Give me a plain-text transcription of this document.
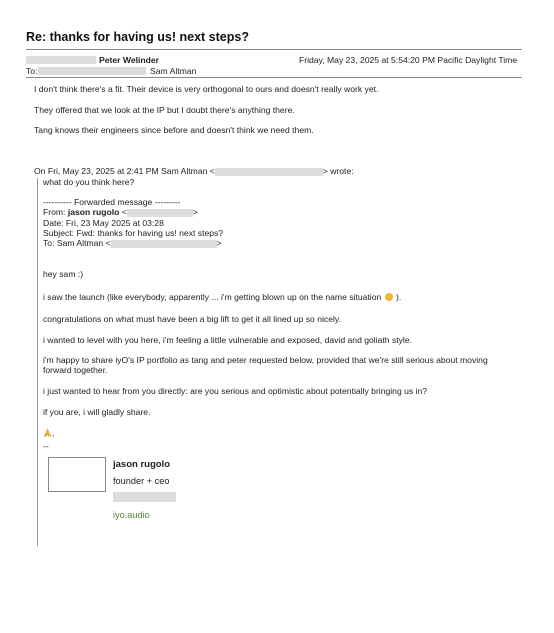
Re: thanks for having us! next steps?
Peter Welinder	Friday, May 23, 2025 at 5:54:20 PM Pacific Daylight Time
To:	Sam Altman
I don't think there's a fit. Their device is very orthogonal to ours and doesn't really work yet.
They offered that we look at the IP but I doubt there's anything there.
Tang knows their engineers since before and doesn't think we need them.
On Fri, May 23, 2025 at 2:41 PM Sam Altman <	> wrote:
what do you think here?
---------- Forwarded message ---------
From: jason rugolo <	>
Date: Fri, 23 May 2025 at 03:28
Subject: Fwd: thanks for having us! next steps?
To: Sam Altman <	>
hey sam :)
i saw the launch (like everybody, apparently ... i'm getting blown up on the name situation ).
congratulations on what must have been a big lift to get it all lined up so nicely.
i wanted to level with you here, i'm feeling a little vulnerable and exposed, david and goliath style.
i'm happy to share iyO's IP portfolio as tang and peter requested below, provided that we're still serious about moving
forward together.
i just wanted to hear from you directly: are you serious and optimistic about potentially bringing us in?
if you are, i will gladly share.
,
--
jason rugolo
founder + ceo
iyo.audio
